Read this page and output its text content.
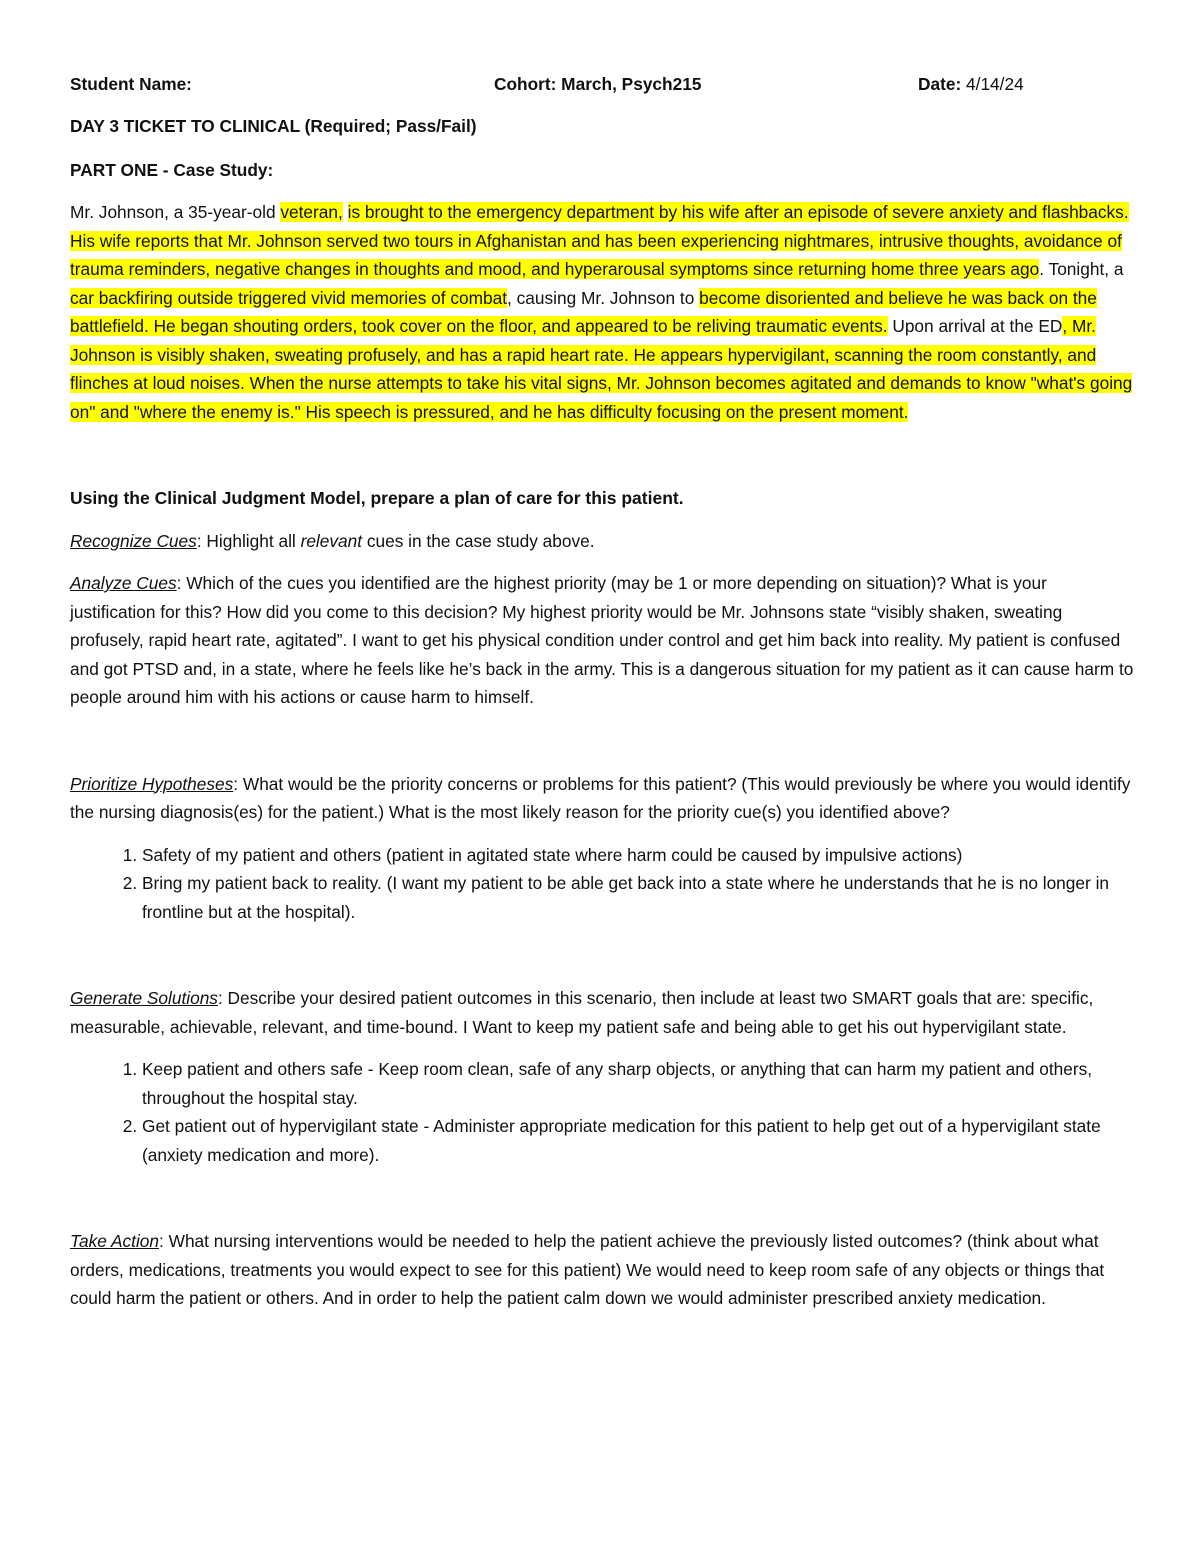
Student Name:	Cohort: March, Psych215	Date: 4/14/24

DAY 3 TICKET TO CLINICAL (Required; Pass/Fail)

PART ONE - Case Study:

Mr. Johnson, a 35-year-old veteran, is brought to the emergency department by his wife after an episode of severe anxiety and flashbacks. His wife reports that Mr. Johnson served two tours in Afghanistan and has been experiencing nightmares, intrusive thoughts, avoidance of trauma reminders, negative changes in thoughts and mood, and hyperarousal symptoms since returning home three years ago. Tonight, a car backfiring outside triggered vivid memories of combat, causing Mr. Johnson to become disoriented and believe he was back on the battlefield. He began shouting orders, took cover on the floor, and appeared to be reliving traumatic events. Upon arrival at the ED, Mr. Johnson is visibly shaken, sweating profusely, and has a rapid heart rate. He appears hypervigilant, scanning the room constantly, and flinches at loud noises. When the nurse attempts to take his vital signs, Mr. Johnson becomes agitated and demands to know "what's going on" and "where the enemy is." His speech is pressured, and he has difficulty focusing on the present moment.

Using the Clinical Judgment Model, prepare a plan of care for this patient.

Recognize Cues: Highlight all relevant cues in the case study above.

Analyze Cues: Which of the cues you identified are the highest priority (may be 1 or more depending on situation)? What is your justification for this? How did you come to this decision? My highest priority would be Mr. Johnsons state “visibly shaken, sweating profusely, rapid heart rate, agitated”. I want to get his physical condition under control and get him back into reality. My patient is confused and got PTSD and, in a state, where he feels like he’s back in the army. This is a dangerous situation for my patient as it can cause harm to people around him with his actions or cause harm to himself.

Prioritize Hypotheses: What would be the priority concerns or problems for this patient? (This would previously be where you would identify the nursing diagnosis(es) for the patient.) What is the most likely reason for the priority cue(s) you identified above?

1. Safety of my patient and others (patient in agitated state where harm could be caused by impulsive actions)
2. Bring my patient back to reality. (I want my patient to be able get back into a state where he understands that he is no longer in frontline but at the hospital).

Generate Solutions: Describe your desired patient outcomes in this scenario, then include at least two SMART goals that are: specific, measurable, achievable, relevant, and time-bound. I Want to keep my patient safe and being able to get his out hypervigilant state.

1. Keep patient and others safe - Keep room clean, safe of any sharp objects, or anything that can harm my patient and others, throughout the hospital stay.
2. Get patient out of hypervigilant state - Administer appropriate medication for this patient to help get out of a hypervigilant state (anxiety medication and more).

Take Action: What nursing interventions would be needed to help the patient achieve the previously listed outcomes? (think about what orders, medications, treatments you would expect to see for this patient) We would need to keep room safe of any objects or things that could harm the patient or others. And in order to help the patient calm down we would administer prescribed anxiety medication.
